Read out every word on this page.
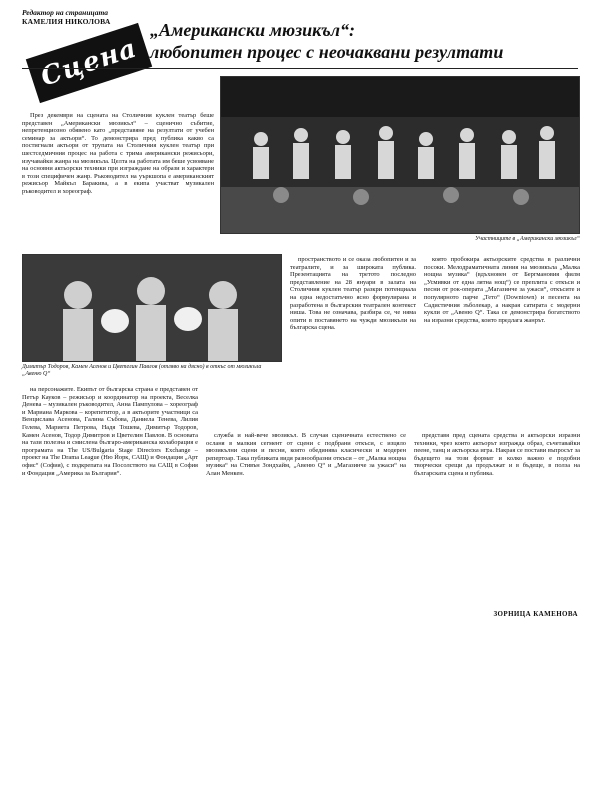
Редактор на страницата
КАМЕЛИЯ НИКОЛОВА
Сцена
„Американски мюзикъл“:
любопитен процес с неочаквани резултати

През декември на сцената на Столичния куклен театър беше представен „Американски мюзикъл“ – сценично събитие, непретенциозно обявено като „представяне на резултати от учебен семинар за актьори“. То демонстрира пред публика какво са постигнали актьори от трупата на Столичния куклен театър при шестседмичния процес на работа с трима американски режисьори, изучавайки жанра на мюзикъла. Целта на работата им беше усвояване на основни актьорски техники при изграждане на образи и характери в този специфичен жанр. Ръководител на уъркшопа е американският режисьор Майкъл Баракива, а в екипа участват музикален ръководител и хореограф.

Участниците в „Американски мюзикъл“
Димитър Тодоров, Камен Асенов и Цветелин Павлов (отляво на дясно) в откъс от мюзикъла „Авеню Q“

пространството и се оказа любопитен и за театралите, и за широката публика. Презентацията на третото последно представление на 28 януари в залата на Столичния куклен театър разкри потенциала на една недостатъчно ясно формулирана и разработена в българския театрален контекст ниша. Това не означава, разбира се, че няма опити в поставянето на чужди мюзикъли на българска сцена.

която пробокира актьорските средства в различни посоки. Мелодраматичната линия на мюзикъла „Малка нощна музика“ (вдъхновен от Бергмановия филм „Усмивки от една лятна нощ“) се преплита с откъси и песни от рок-операта „Магазинче за ужаси“, откъсите и популярното парче „Тето“ (Downtown) и песента на Садистичния зъболекар, а накрая сатирата с модерни кукли от „Авеню Q“. Така се демонстрира богатството на изразни средства, които предлага жанрът.

на персонажите. Екипът от българска страна е представен от Петър Кауков – режисьор и координатор на проекта, Веселка Денева – музикален ръководител, Анна Пампулова – хореограф и Мариана Маркова – корепетитор, а в актьорите участници са Венцислава Асенова, Галина Събова, Даниела Тенева, Лилия Гелева, Мариета Петрова, Надя Тошева, Димитър Тодоров, Камен Асенов, Тодор Димитров и Цветелин Павлов. В основата на тази полезна и смислена българо-американска колаборация е програмата на The US/Bulgaria Stage Directors Exchange – проект на The Drama League (Ню Йорк, САЩ) и Фондация „Арт офис“ (София), с подкрепата на Посолството на САЩ в София и Фондация „Америка за България“.

служба и най-вече мюзикъл. В случая сценичната естествено се осланя в малкия сегмент от сцени с подбрани откъси, с изцяло мюзикълни сцени и песни, която обединява класически и модерен репертоар. Така публиката видя разнообразни откъси – от „Малка нощна музика“ на Стивън Зондхайм, „Авеню Q“ и „Магазинче за ужаси“ на Алан Менкен.

представя пред сцената средства и актьорски изразни техники, чрез които актьорът изгражда образ, съчетавайки пеене, танц и актьорска игра. Накрая се постави въпросът за бъдещето на този формат и колко важно е подобни творчески срещи да продължат и в бъдеще, в полза на българската сцена и публика.

ЗОРНИЦА КАМЕНОВА
